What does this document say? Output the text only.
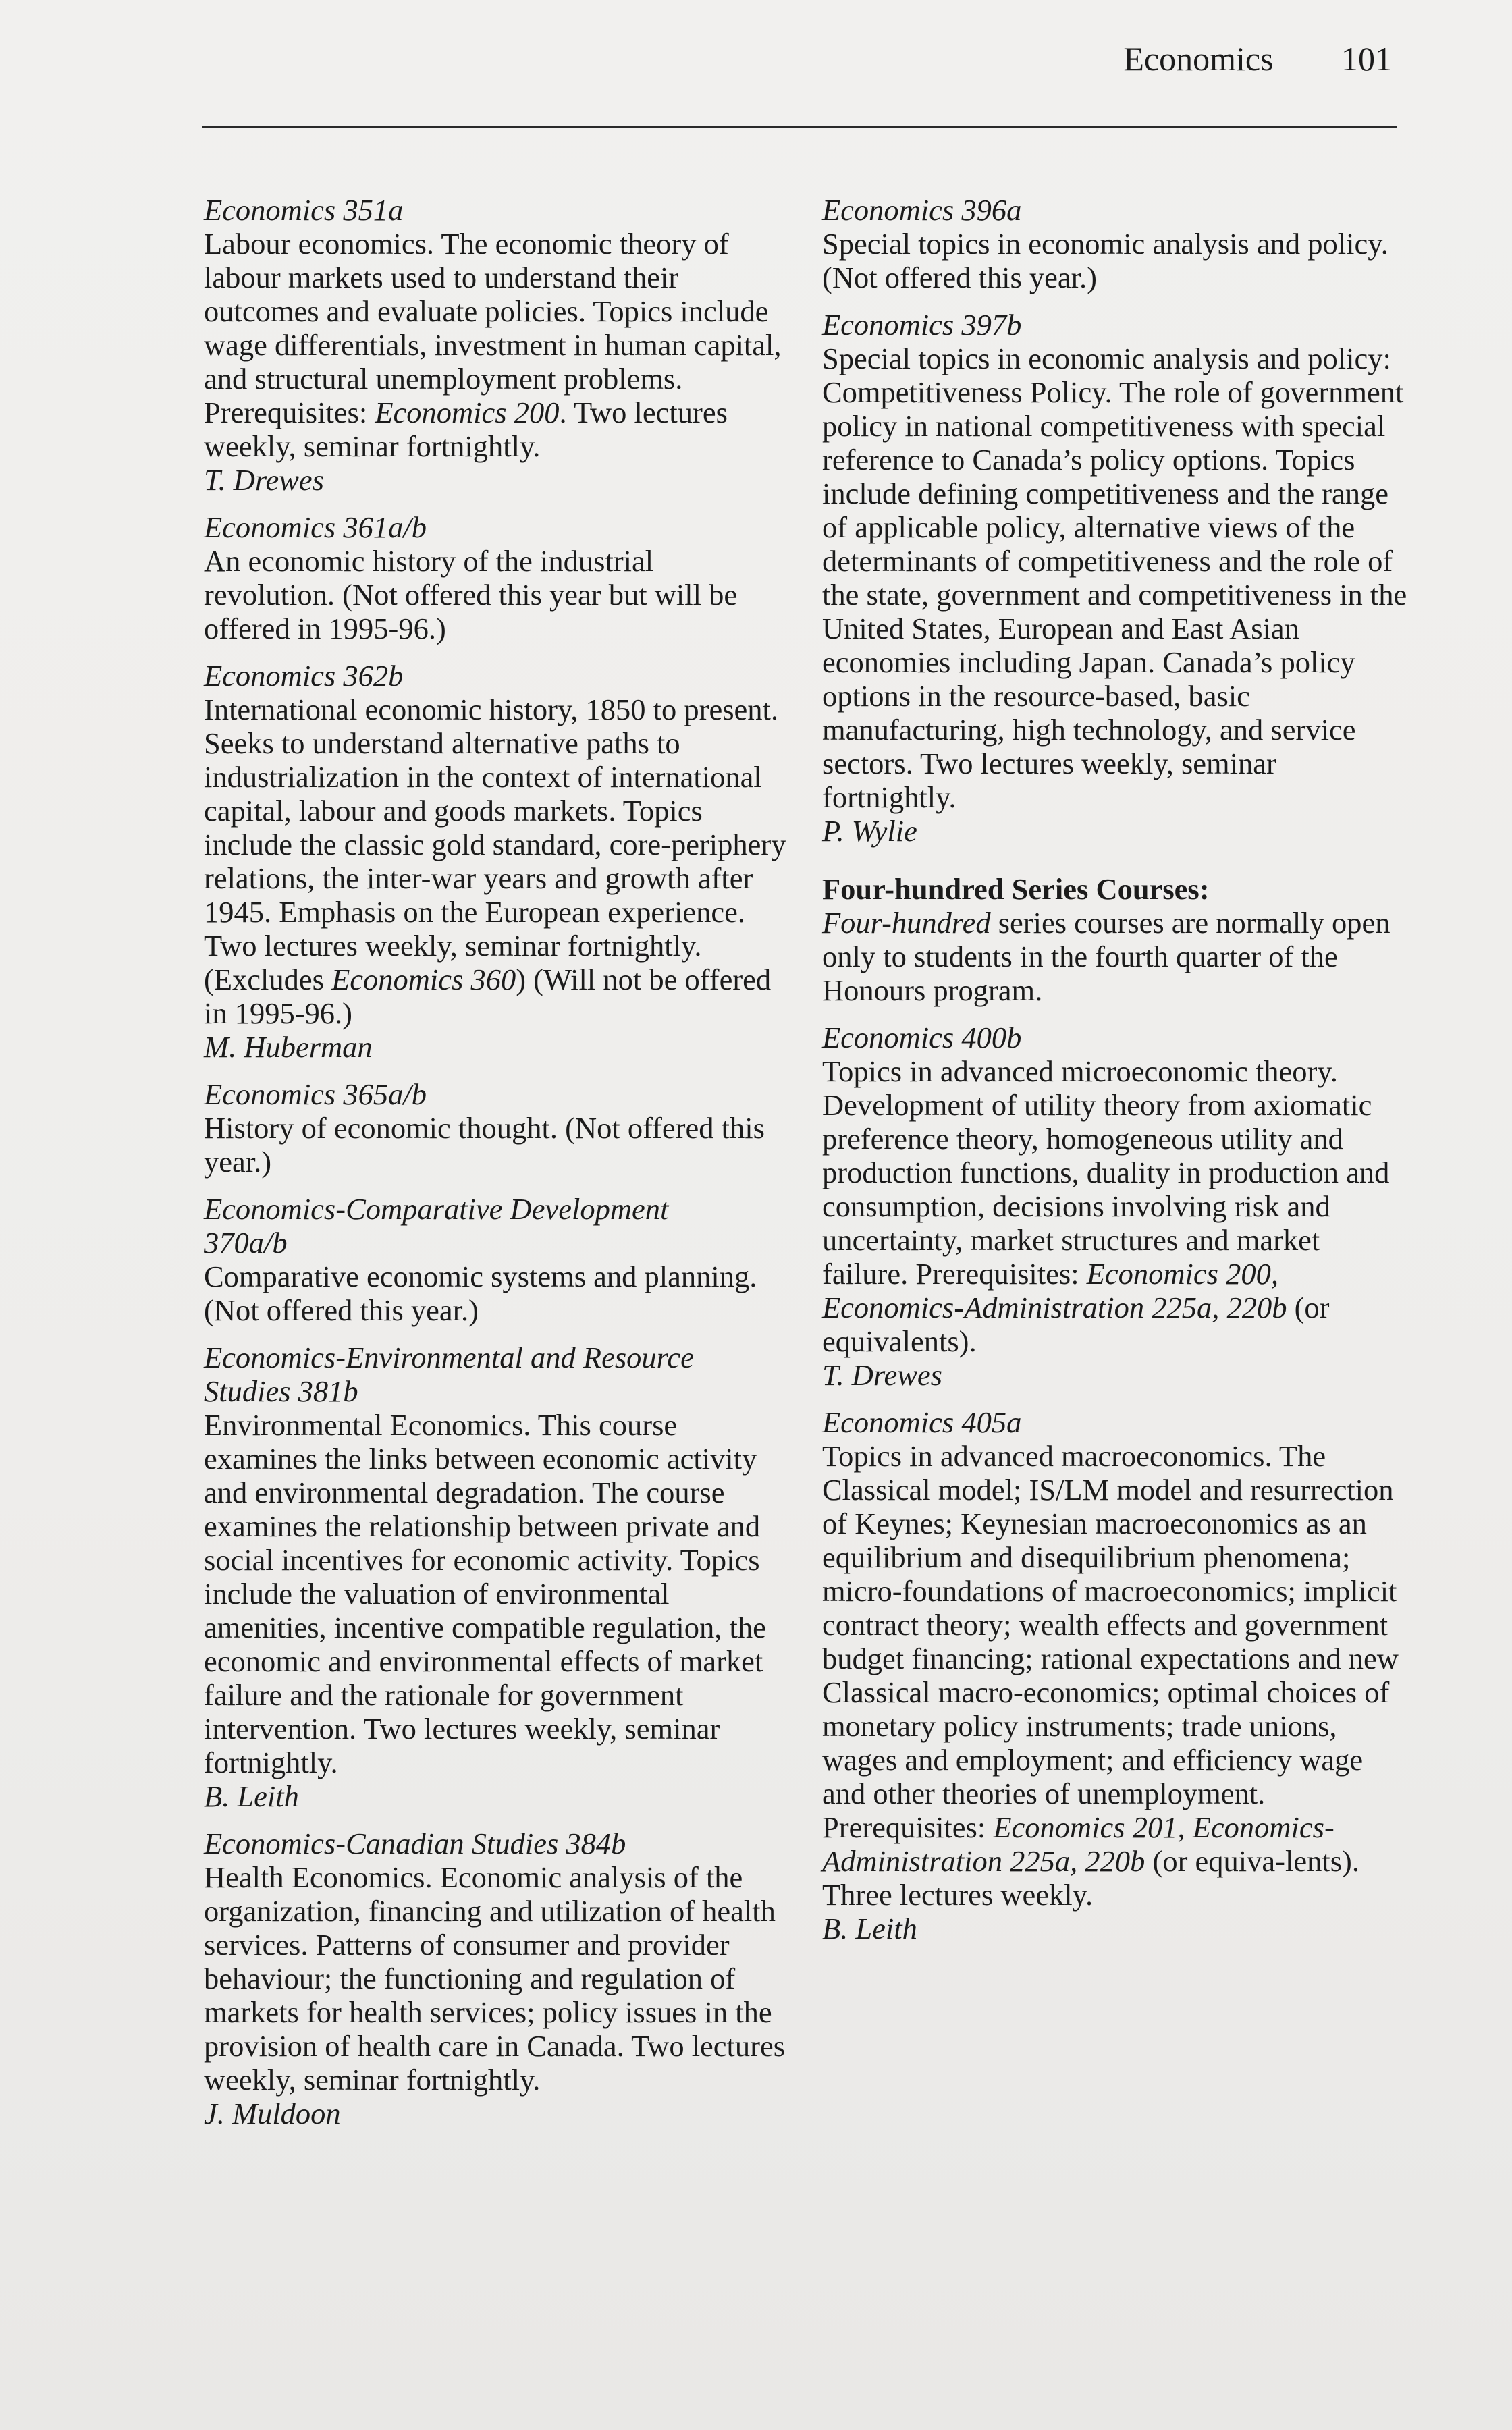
Economics 101
Economics 351a
Labour economics. The economic theory of labour markets used to understand their outcomes and evaluate policies. Topics include wage differentials, investment in human capital, and structural unemployment problems. Prerequisites: Economics 200. Two lectures weekly, seminar fortnightly.
T. Drewes
Economics 361a/b
An economic history of the industrial revolution. (Not offered this year but will be offered in 1995-96.)
Economics 362b
International economic history, 1850 to present. Seeks to understand alternative paths to industrialization in the context of international capital, labour and goods markets. Topics include the classic gold standard, core-periphery relations, the inter-war years and growth after 1945. Emphasis on the European experience. Two lectures weekly, seminar fortnightly. (Excludes Economics 360) (Will not be offered in 1995-96.)
M. Huberman
Economics 365a/b
History of economic thought. (Not offered this year.)
Economics-Comparative Development
370a/b
Comparative economic systems and planning. (Not offered this year.)
Economics-Environmental and Resource
Studies 381b
Environmental Economics. This course examines the links between economic activity and environmental degradation. The course examines the relationship between private and social incentives for economic activity. Topics include the valuation of environmental amenities, incentive compatible regulation, the economic and environmental effects of market failure and the rationale for government intervention. Two lectures weekly, seminar fortnightly.
B. Leith
Economics-Canadian Studies 384b
Health Economics. Economic analysis of the organization, financing and utilization of health services. Patterns of consumer and provider behaviour; the functioning and regulation of markets for health services; policy issues in the provision of health care in Canada. Two lectures weekly, seminar fortnightly.
J. Muldoon
Economics 396a
Special topics in economic analysis and policy. (Not offered this year.)
Economics 397b
Special topics in economic analysis and policy: Competitiveness Policy. The role of government policy in national competitiveness with special reference to Canada’s policy options. Topics include defining competitiveness and the range of applicable policy, alternative views of the determinants of competitiveness and the role of the state, government and competitiveness in the United States, European and East Asian economies including Japan. Canada’s policy options in the resource-based, basic manufacturing, high technology, and service sectors. Two lectures weekly, seminar fortnightly.
P. Wylie
Four-hundred Series Courses:
Four-hundred series courses are normally open only to students in the fourth quarter of the Honours program.
Economics 400b
Topics in advanced microeconomic theory. Development of utility theory from axiomatic preference theory, homogeneous utility and production functions, duality in production and consumption, decisions involving risk and uncertainty, market structures and market failure. Prerequisites: Economics 200, Economics-Administration 225a, 220b (or equivalents).
T. Drewes
Economics 405a
Topics in advanced macroeconomics. The Classical model; IS/LM model and resurrection of Keynes; Keynesian macroeconomics as an equilibrium and disequilibrium phenomena; micro-foundations of macroeconomics; implicit contract theory; wealth effects and government budget financing; rational expectations and new Classical macro-economics; optimal choices of monetary policy instruments; trade unions, wages and employment; and efficiency wage and other theories of unemployment. Prerequisites: Economics 201, Economics-Administration 225a, 220b (or equiva-lents). Three lectures weekly.
B. Leith
